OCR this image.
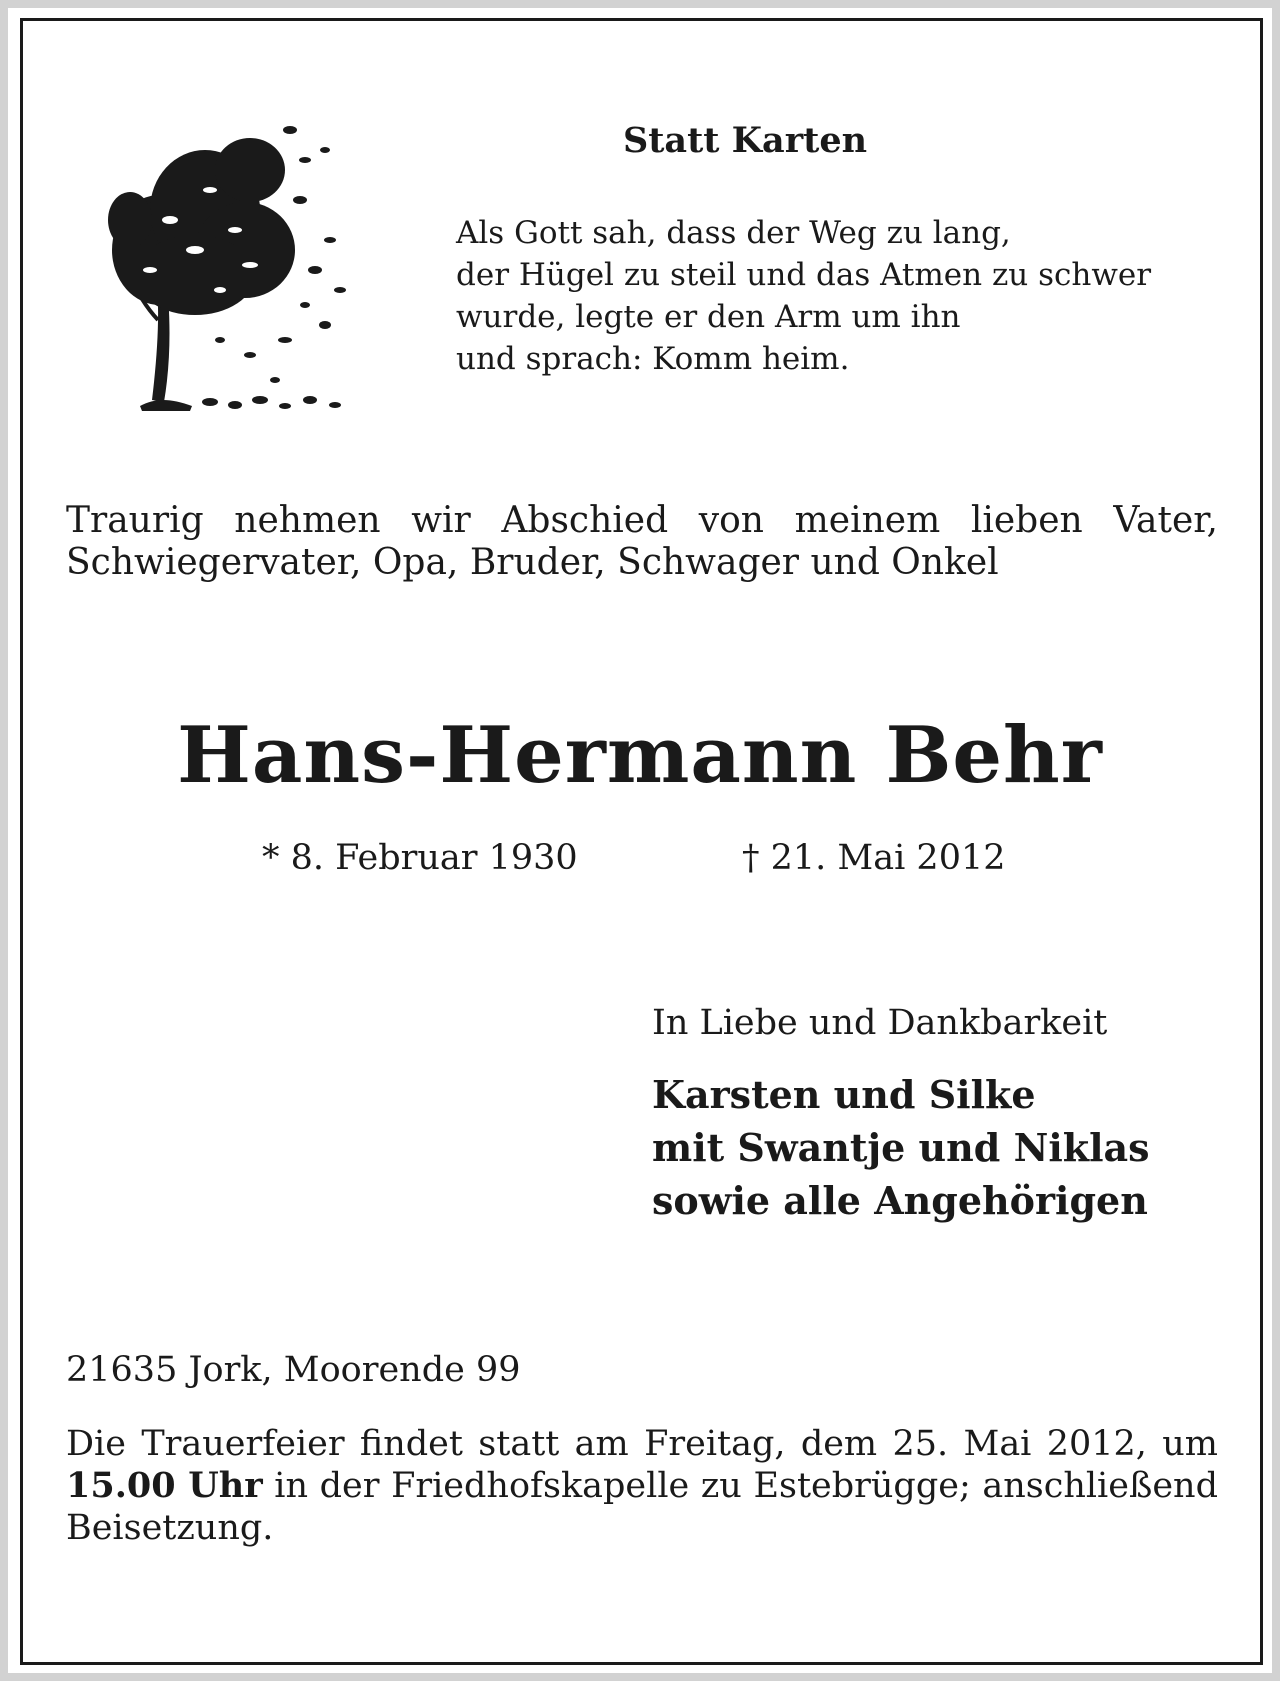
Statt Karten
Als Gott sah, dass der Weg zu lang,
der Hügel zu steil und das Atmen zu schwer
wurde, legte er den Arm um ihn
und sprach: Komm heim.

Traurig nehmen wir Abschied von meinem lieben Vater, Schwiegervater, Opa, Bruder, Schwager und Onkel

Hans-Hermann Behr
* 8. Februar 1930	† 21. Mai 2012
In Liebe und Dankbarkeit
Karsten und Silke
mit Swantje und Niklas
sowie alle Angehörigen
21635 Jork, Moorende 99

Die Trauerfeier findet statt am Freitag, dem 25. Mai 2012, um 15.00 Uhr in der Friedhofskapelle zu Estebrügge; anschließend Beisetzung.
